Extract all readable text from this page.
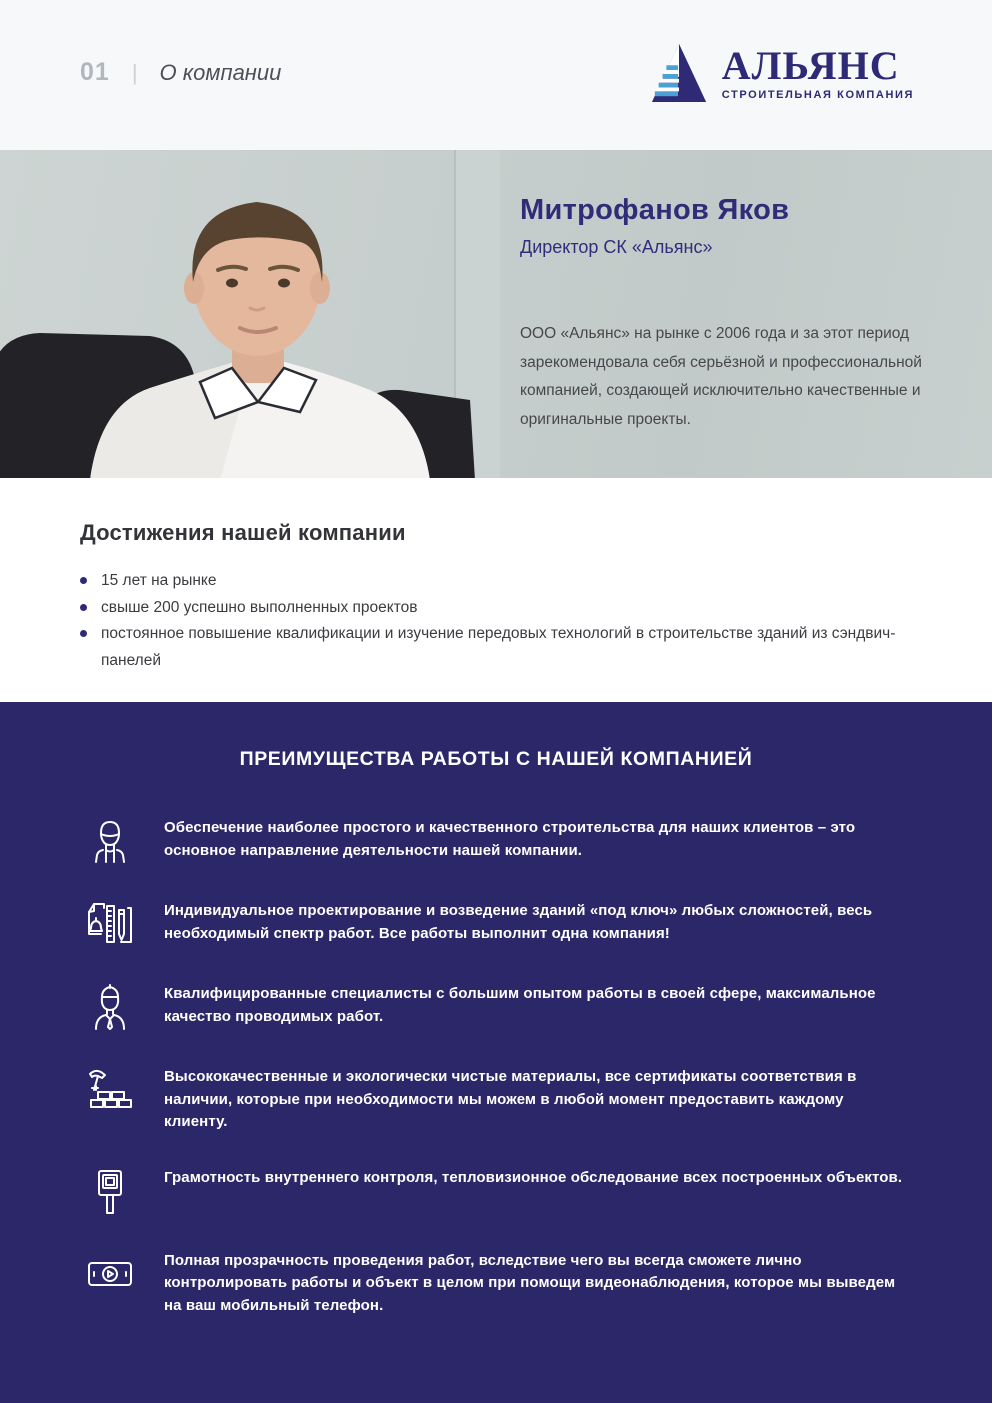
01 | О компании	АЛЬЯНС
СТРОИТЕЛЬНАЯ КОМПАНИЯ
Митрофанов Яков
Директор СК «Альянс»
ООО «Альянс» на рынке с 2006 года и за этот период зарекомендовала себя серьёзной и профессиональной компанией, создающей исключительно качественные и оригинальные проекты.
Достижения нашей компании
15 лет на рынке
свыше 200 успешно выполненных проектов
постоянное повышение квалификации и изучение передовых технологий в строительстве зданий из сэндвич-панелей
ПРЕИМУЩЕСТВА РАБОТЫ С НАШЕЙ КОМПАНИЕЙ
Обеспечение наиболее простого и качественного строительства для наших клиентов – это основное направление деятельности нашей компании.
Индивидуальное проектирование и возведение зданий «под ключ» любых сложностей, весь необходимый спектр работ. Все работы выполнит одна компания!
Квалифицированные специалисты с большим опытом работы в своей сфере, максимальное качество проводимых работ.
Высококачественные и экологически чистые материалы, все сертификаты соответствия в наличии, которые при необходимости мы можем в любой момент предоставить каждому клиенту.
Грамотность внутреннего контроля, тепловизионное обследование всех построенных объектов.
Полная прозрачность проведения работ, вследствие чего вы всегда сможете лично контролировать работы и объект в целом при помощи видеонаблюдения, которое мы выведем на ваш мобильный телефон.
